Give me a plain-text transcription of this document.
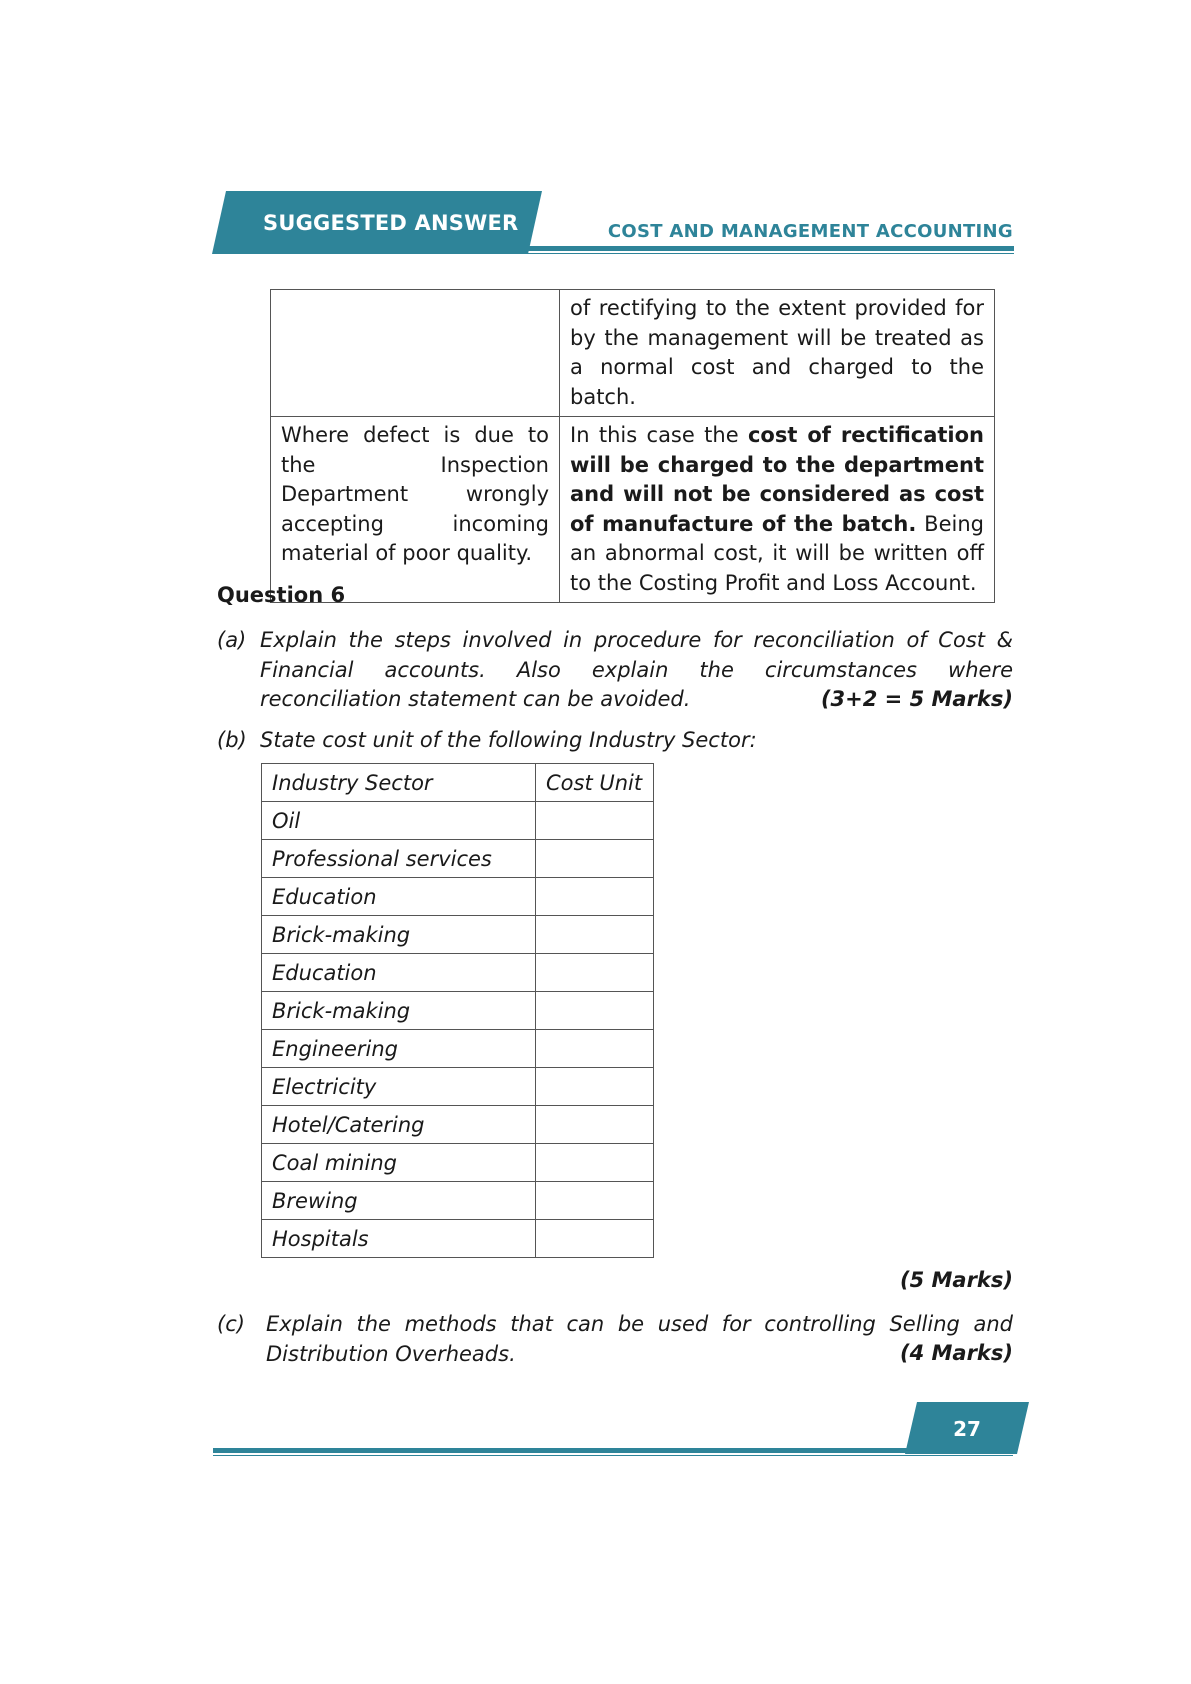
SUGGESTED ANSWER	COST AND MANAGEMENT ACCOUNTING
	of rectifying to the extent provided for by the management will be treated as a normal cost and charged to the batch.
Where defect is due to the Inspection Department wrongly accepting incoming material of poor quality.	In this case the cost of rectification will be charged to the department and will not be considered as cost of manufacture of the batch. Being an abnormal cost, it will be written off to the Costing Profit and Loss Account.
Question 6
(a) Explain the steps involved in procedure for reconciliation of Cost & Financial accounts. Also explain the circumstances where reconciliation statement can be avoided.	(3+2 = 5 Marks)
(b) State cost unit of the following Industry Sector:
Industry Sector	Cost Unit
Oil	
Professional services	
Education	
Brick-making	
Education	
Brick-making	
Engineering	
Electricity	
Hotel/Catering	
Coal mining	
Brewing	
Hospitals	
(5 Marks)
(c)	Explain the methods that can be used for controlling Selling and Distribution Overheads.	(4 Marks)
27
